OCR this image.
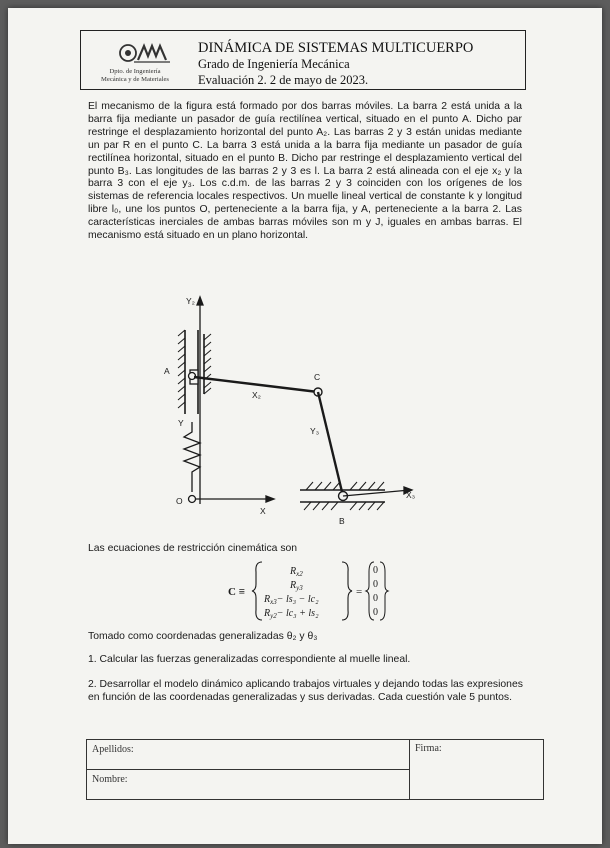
Dpto. de Ingeniería
Mecánica y de Materiales
DINÁMICA DE SISTEMAS MULTICUERPO
Grado de Ingeniería Mecánica
Evaluación 2. 2 de mayo de 2023.
El mecanismo de la figura está formado por dos barras móviles. La barra 2 está unida a la barra fija mediante un pasador de guía rectilínea vertical, situado en el punto A. Dicho par restringe el desplazamiento horizontal del punto A₂. Las barras 2 y 3 están unidas mediante un par R en el punto C. La barra 3 está unida a la barra fija mediante un pasador de guía rectilínea horizontal, situado en el punto B. Dicho par restringe el desplazamiento vertical del punto B₃. Las longitudes de las barras 2 y 3 es l. La barra 2 está alineada con el eje x₂ y la barra 3 con el eje y₃. Los c.d.m. de las barras 2 y 3 coinciden con los orígenes de los sistemas de referencia locales respectivos. Un muelle lineal vertical de constante k y longitud libre l₀, une los puntos O, perteneciente a la barra fija, y A, perteneciente a la barra 2. Las características inerciales de ambas barras móviles son m y J, iguales en ambas barras. El mecanismo está situado en un plano horizontal.
Y₂
A
C
X₂
Y₃
Y
O
X
X₃
B
Las ecuaciones de restricción cinemática son
C ≡
$R_{x2}$
$R_{y3}$
$R_{x3}- ls_3 - lc_2$
$R_{y2}- lc_3 + ls_2$
=
0
0
0
0
Tomado como coordenadas generalizadas θ₂ y θ₃
1. Calcular las fuerzas generalizadas correspondiente al muelle lineal.
2. Desarrollar el modelo dinámico aplicando trabajos virtuales y dejando todas las expresiones en función de las coordenadas generalizadas y sus derivadas. Cada cuestión vale 5 puntos.
Apellidos:
Nombre:
Firma:
